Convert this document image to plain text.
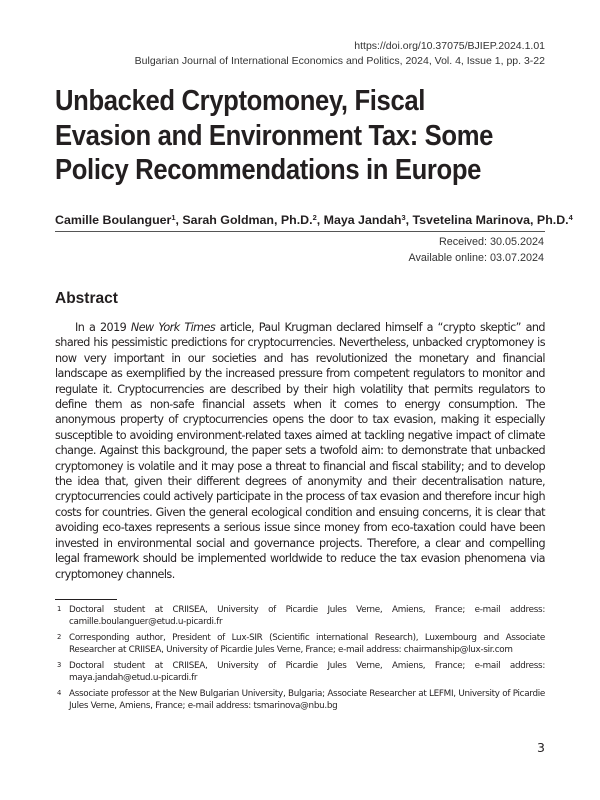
https://doi.org/10.37075/BJIEP.2024.1.01
Bulgarian Journal of International Economics and Politics, 2024, Vol. 4, Issue 1, pp. 3-22
Unbacked Cryptomoney, Fiscal
Evasion and Environment Tax: Some
Policy Recommendations in Europe
Camille Boulanguer$^1$, Sarah Goldman, Ph.D.$^2$, Maya Jandah$^3$, Tsvetelina Marinova, Ph.D.$^4$
Received: 30.05.2024
Available online: 03.07.2024
Abstract

In a 2019 New York Times article, Paul Krugman declared himself a “crypto skeptic” and shared his pessimistic predictions for cryptocurrencies. Nevertheless, unbacked cryptomoney is now very important in our societies and has revolutionized the monetary and financial landscape as exemplified by the increased pressure from competent regulators to monitor and regulate it. Cryptocurrencies are described by their high volatility that permits regulators to define them as non-safe financial assets when it comes to energy consumption. The anonymous property of cryptocurrencies opens the door to tax evasion, making it especially susceptible to avoiding environment-related taxes aimed at tackling negative impact of climate change. Against this background, the paper sets a twofold aim: to demonstrate that unbacked cryptomoney is volatile and it may pose a threat to financial and fiscal stability; and to develop the idea that, given their different degrees of anonymity and their decentralisation nature, cryptocurrencies could actively participate in the process of tax evasion and therefore incur high costs for countries. Given the general ecological condition and ensuing concerns, it is clear that avoiding eco-taxes represents a serious issue since money from eco-taxation could have been invested in environmental social and governance projects. Therefore, a clear and compelling legal framework should be implemented worldwide to reduce the tax evasion phenomena via cryptomoney channels.

1 Doctoral student at CRIISEA, University of Picardie Jules Verne, Amiens, France; e-mail address: camille.boulanguer@etud.u-picardi.fr
2 Corresponding author, President of Lux-SIR (Scientific international Research), Luxembourg and Associate Researcher at CRIISEA, University of Picardie Jules Verne, France; e-mail address: chairmanship@lux-sir.com
3 Doctoral student at CRIISEA, University of Picardie Jules Verne, Amiens, France; e-mail address: maya.jandah@etud.u-picardi.fr
4 Associate professor at the New Bulgarian University, Bulgaria; Associate Researcher at LEFMI, University of Picardie Jules Verne, Amiens, France; e-mail address: tsmarinova@nbu.bg
3
